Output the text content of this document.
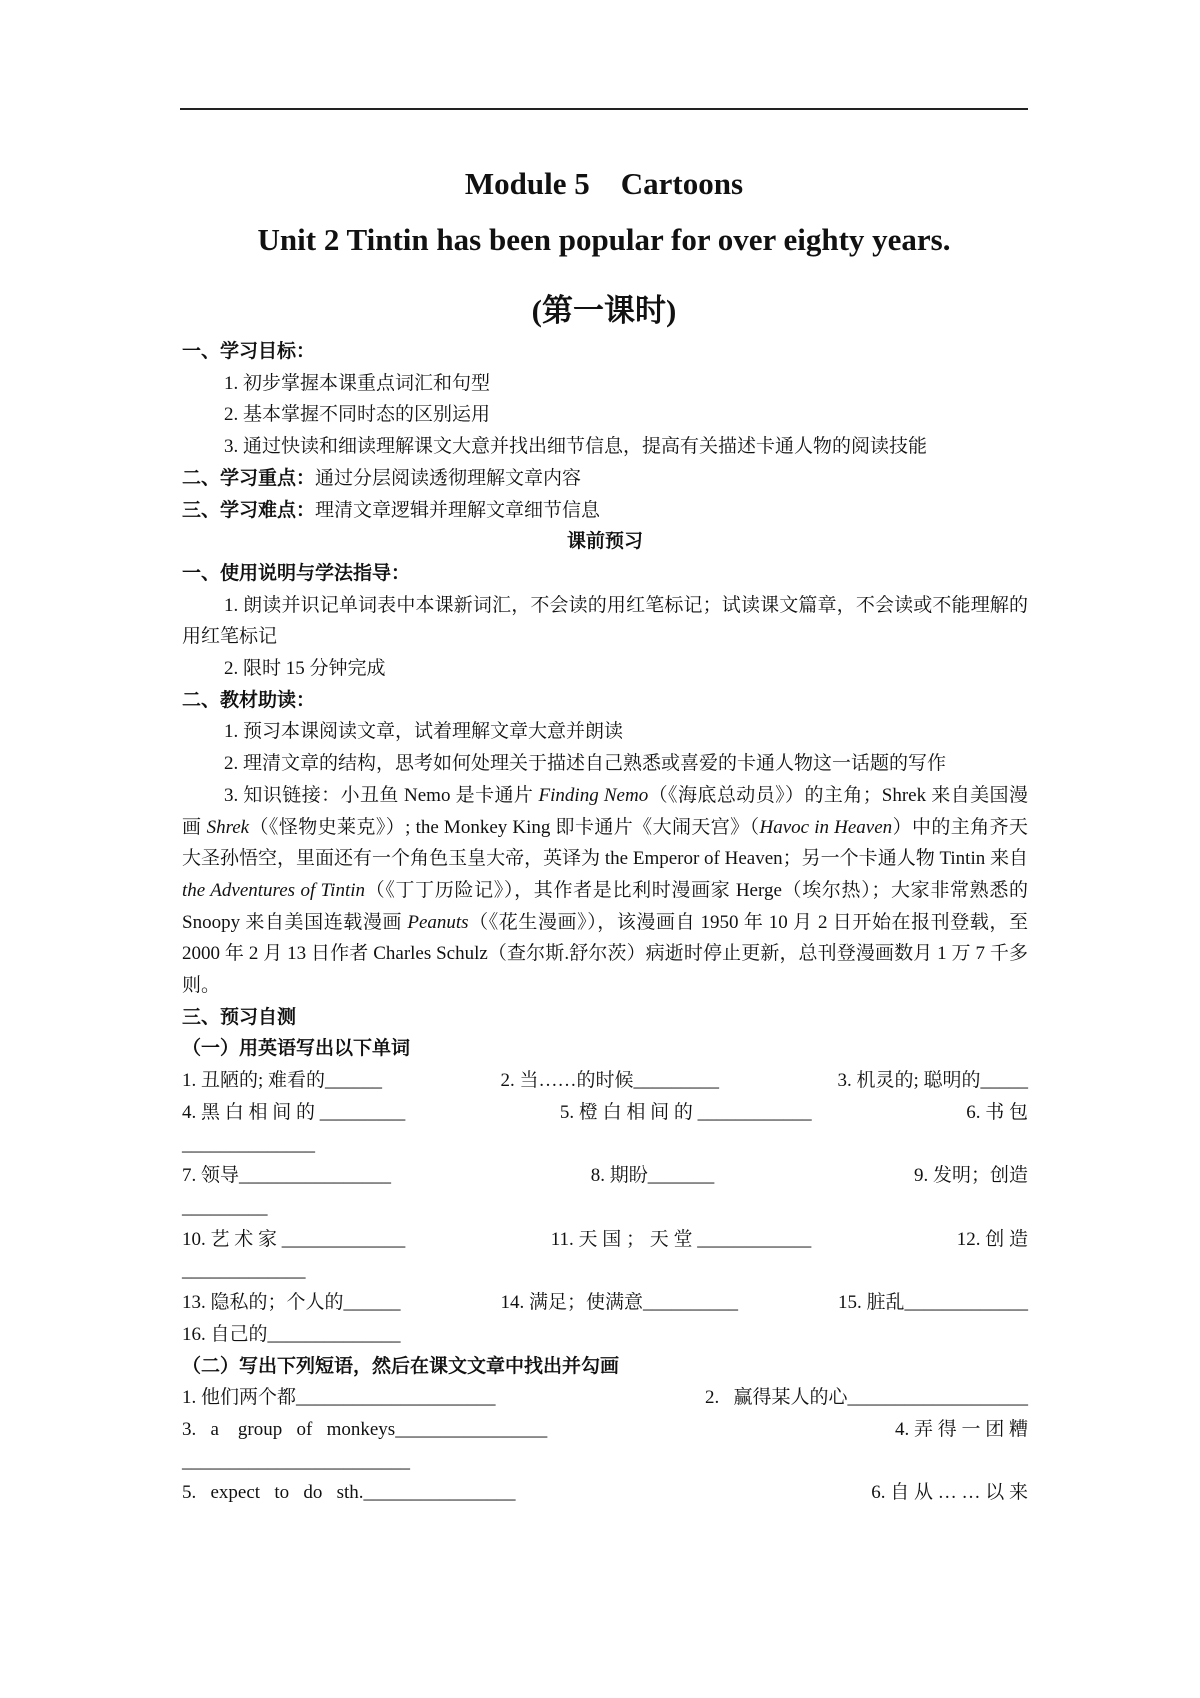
Module 5　Cartoons
Unit 2 Tintin has been popular for over eighty years.
(第一课时)

一、学习目标：

1. 初步掌握本课重点词汇和句型

2. 基本掌握不同时态的区别运用

3. 通过快读和细读理解课文大意并找出细节信息，提高有关描述卡通人物的阅读技能

二、学习重点：通过分层阅读透彻理解文章内容

三、学习难点：理清文章逻辑并理解文章细节信息

课前预习

一、使用说明与学法指导：

1. 朗读并识记单词表中本课新词汇，不会读的用红笔标记；试读课文篇章，不会读或不能理解的用红笔标记

2. 限时 15 分钟完成

二、教材助读：

1. 预习本课阅读文章，试着理解文章大意并朗读

2. 理清文章的结构，思考如何处理关于描述自己熟悉或喜爱的卡通人物这一话题的写作

3. 知识链接：小丑鱼 Nemo 是卡通片 Finding Nemo（《海底总动员》）的主角；Shrek 来自美国漫画 Shrek（《怪物史莱克》）; the Monkey King 即卡通片《大闹天宫》（Havoc in Heaven）中的主角齐天大圣孙悟空，里面还有一个角色玉皇大帝，英译为 the Emperor of Heaven；另一个卡通人物 Tintin 来自 the Adventures of Tintin（《丁丁历险记》），其作者是比利时漫画家 Herge（埃尔热）；大家非常熟悉的 Snoopy 来自美国连载漫画 Peanuts（《花生漫画》），该漫画自 1950 年 10 月 2 日开始在报刊登载，至 2000 年 2 月 13 日作者 Charles Schulz（查尔斯.舒尔茨）病逝时停止更新，总刊登漫画数月 1 万 7 千多则。

三、预习自测

（一）用英语写出以下单词

1. 丑陋的; 难看的______	2. 当……的时候_________	3. 机灵的; 聪明的_____
4. 黑 白 相 间 的 _________	5. 橙 白 相 间 的 ____________	6. 书 包

______________

7. 领导________________	8. 期盼_______	9. 发明；创造

_________

10. 艺 术 家 _____________	11. 天 国 ； 天 堂 ____________	12. 创 造

_____________

13. 隐私的；个人的______	14. 满足；使满意__________	15. 脏乱_____________

16. 自己的______________

（二）写出下列短语，然后在课文文章中找出并勾画

1. 他们两个都_____________________	2.   赢得某人的心___________________
3.   a    group   of   monkeys________________	4. 弄 得 一 团 糟

________________________

5.   expect   to   do   sth.________________	6. 自 从 … … 以 来
